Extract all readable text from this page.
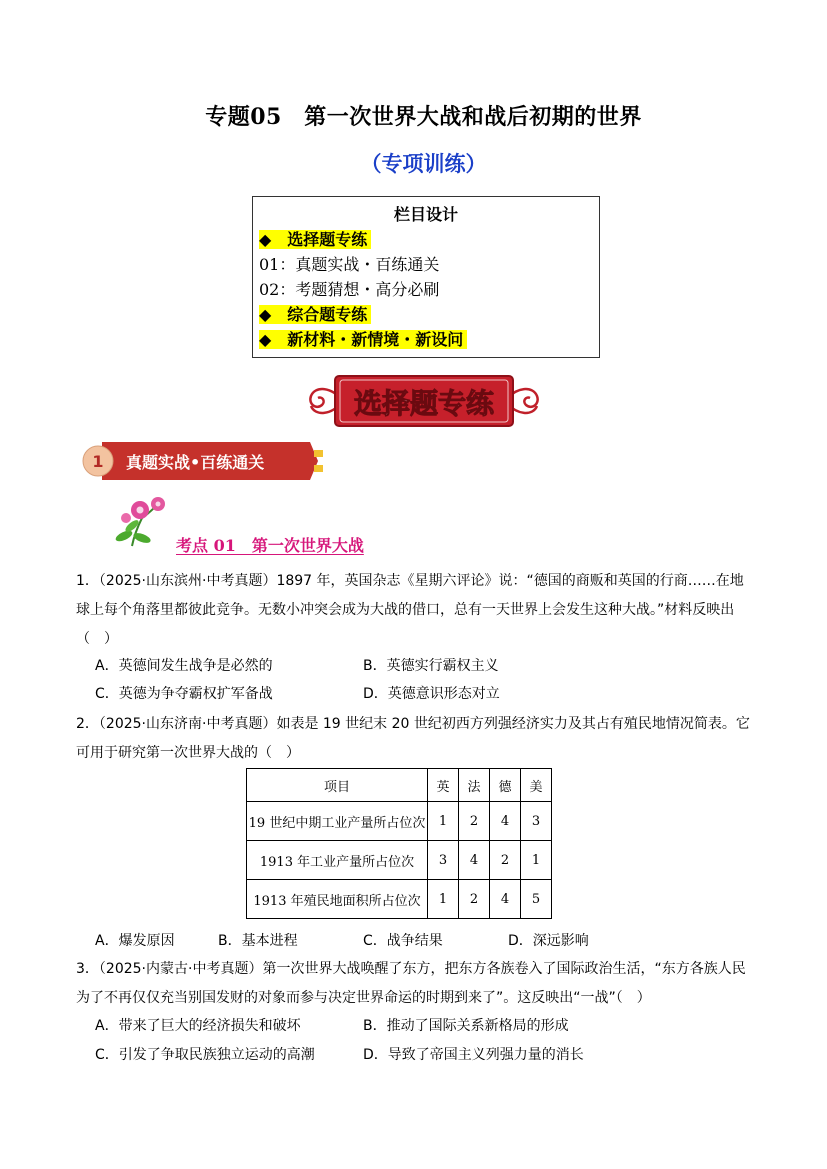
专题05　第一次世界大战和战后初期的世界
（专项训练）
栏目设计
◆　选择题专练
01：真题实战・百练通关
02：考题猜想・高分必刷
◆　综合题专练
◆　新材料・新情境・新设问
选择题专练
1 真题实战•百练通关
考点 01　第一次世界大战
1．（2025·山东滨州·中考真题）1897 年，英国杂志《星期六评论》说：“德国的商贩和英国的行商……在地球上每个角落里都彼此竞争。无数小冲突会成为大战的借口，总有一天世界上会发生这种大战。”材料反映出（　）
A．英德间发生战争是必然的	B．英德实行霸权主义
C．英德为争夺霸权扩军备战	D．英德意识形态对立
2．（2025·山东济南·中考真题）如表是 19 世纪末 20 世纪初西方列强经济实力及其占有殖民地情况简表。它可用于研究第一次世界大战的（　）
项目	英	法	德	美
19 世纪中期工业产量所占位次	1	2	4	3
1913 年工业产量所占位次	3	4	2	1
1913 年殖民地面积所占位次	1	2	4	5
A．爆发原因	B．基本进程	C．战争结果	D．深远影响
3．（2025·内蒙古·中考真题）第一次世界大战唤醒了东方，把东方各族卷入了国际政治生活，“东方各族人民为了不再仅仅充当别国发财的对象而参与决定世界命运的时期到来了”。这反映出“一战”（　）
A．带来了巨大的经济损失和破坏	B．推动了国际关系新格局的形成
C．引发了争取民族独立运动的高潮	D．导致了帝国主义列强力量的消长
